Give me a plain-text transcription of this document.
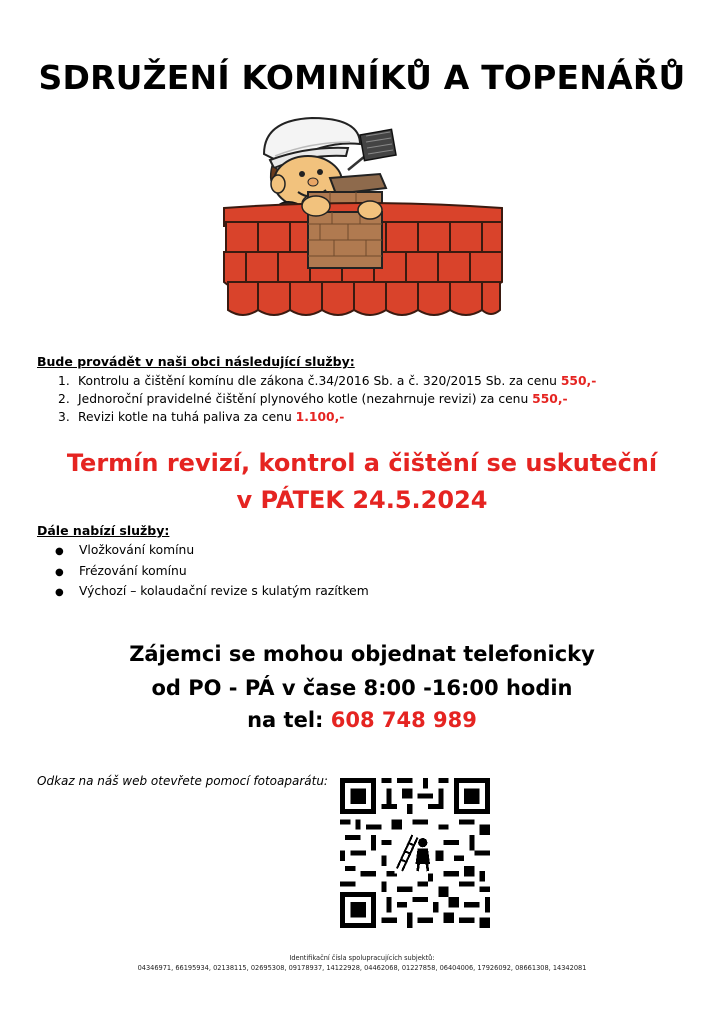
SDRUŽENÍ KOMINÍKŮ A TOPENÁŘŮ
Bude provádět v naši obci následující služby:
1. Kontrolu a čištění komínu dle zákona č.34/2016 Sb. a č. 320/2015 Sb. za cenu 550,-
2. Jednoroční pravidelné čištění plynového kotle (nezahrnuje revizi) za cenu 550,-
3. Revizi kotle na tuhá paliva za cenu 1.100,-
Termín revizí, kontrol a čištění se uskuteční
v PÁTEK 24.5.2024
Dále nabízí služby:
● Vložkování komínu
● Frézování komínu
● Výchozí – kolaudační revize s kulatým razítkem
Zájemci se mohou objednat telefonicky
od PO - PÁ v čase 8:00 -16:00 hodin
na tel: 608 748 989
Odkaz na náš web otevřete pomocí fotoaparátu:
Identifikační čísla spolupracujících subjektů:
04346971, 66195934, 02138115, 02695308, 09178937, 14122928, 04462068, 01227858, 06404006, 17926092, 08661308, 14342081
